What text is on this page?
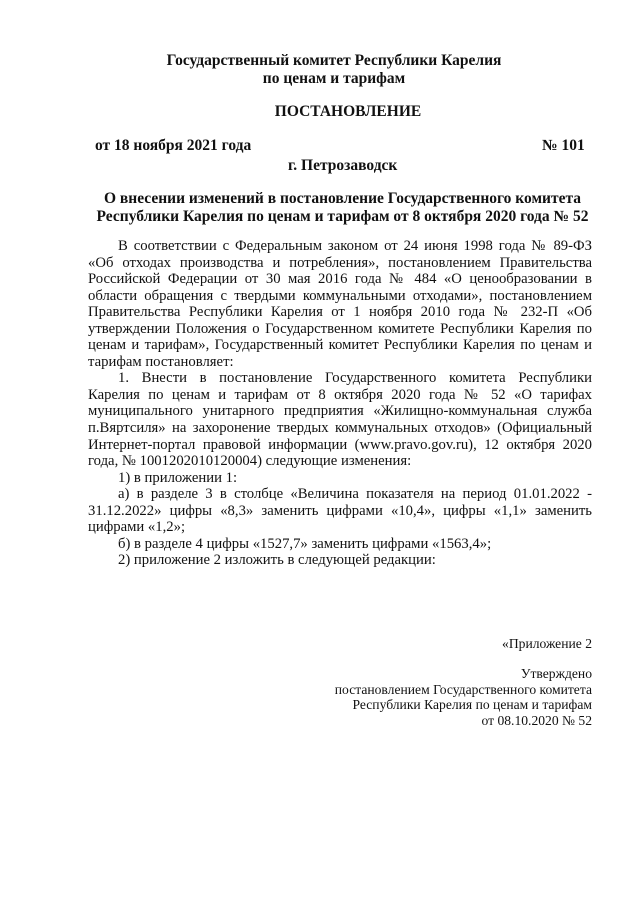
Государственный комитет Республики Карелия
по ценам и тарифам
ПОСТАНОВЛЕНИЕ
от 18 ноября 2021 года	№ 101
г. Петрозаводск
О внесении изменений в постановление Государственного комитета
Республики Карелия по ценам и тарифам от 8 октября 2020 года № 52

В соответствии с Федеральным законом от 24 июня 1998 года № 89-ФЗ «Об отходах производства и потребления», постановлением Правительства Российской Федерации от 30 мая 2016 года № 484 «О ценообразовании в области обращения с твердыми коммунальными отходами», постановлением Правительства Республики Карелия от 1 ноября 2010 года № 232-П «Об утверждении Положения о Государственном комитете Республики Карелия по ценам и тарифам», Государственный комитет Республики Карелия по ценам и тарифам постановляет:

1. Внести в постановление Государственного комитета Республики Карелия по ценам и тарифам от 8 октября 2020 года № 52 «О тарифах муниципального унитарного предприятия «Жилищно-коммунальная служба п.Вяртсиля» на захоронение твердых коммунальных отходов» (Официальный Интернет-портал правовой информации (www.pravo.gov.ru), 12 октября 2020 года, № 1001202010120004) следующие изменения:

1) в приложении 1:

а) в разделе 3 в столбце «Величина показателя на период 01.01.2022 - 31.12.2022» цифры «8,3» заменить цифрами «10,4», цифры «1,1» заменить цифрами «1,2»;

б) в разделе 4 цифры «1527,7» заменить цифрами «1563,4»;

2) приложение 2 изложить в следующей редакции:

«Приложение 2
Утверждено
постановлением Государственного комитета
Республики Карелия по ценам и тарифам
от 08.10.2020 № 52
